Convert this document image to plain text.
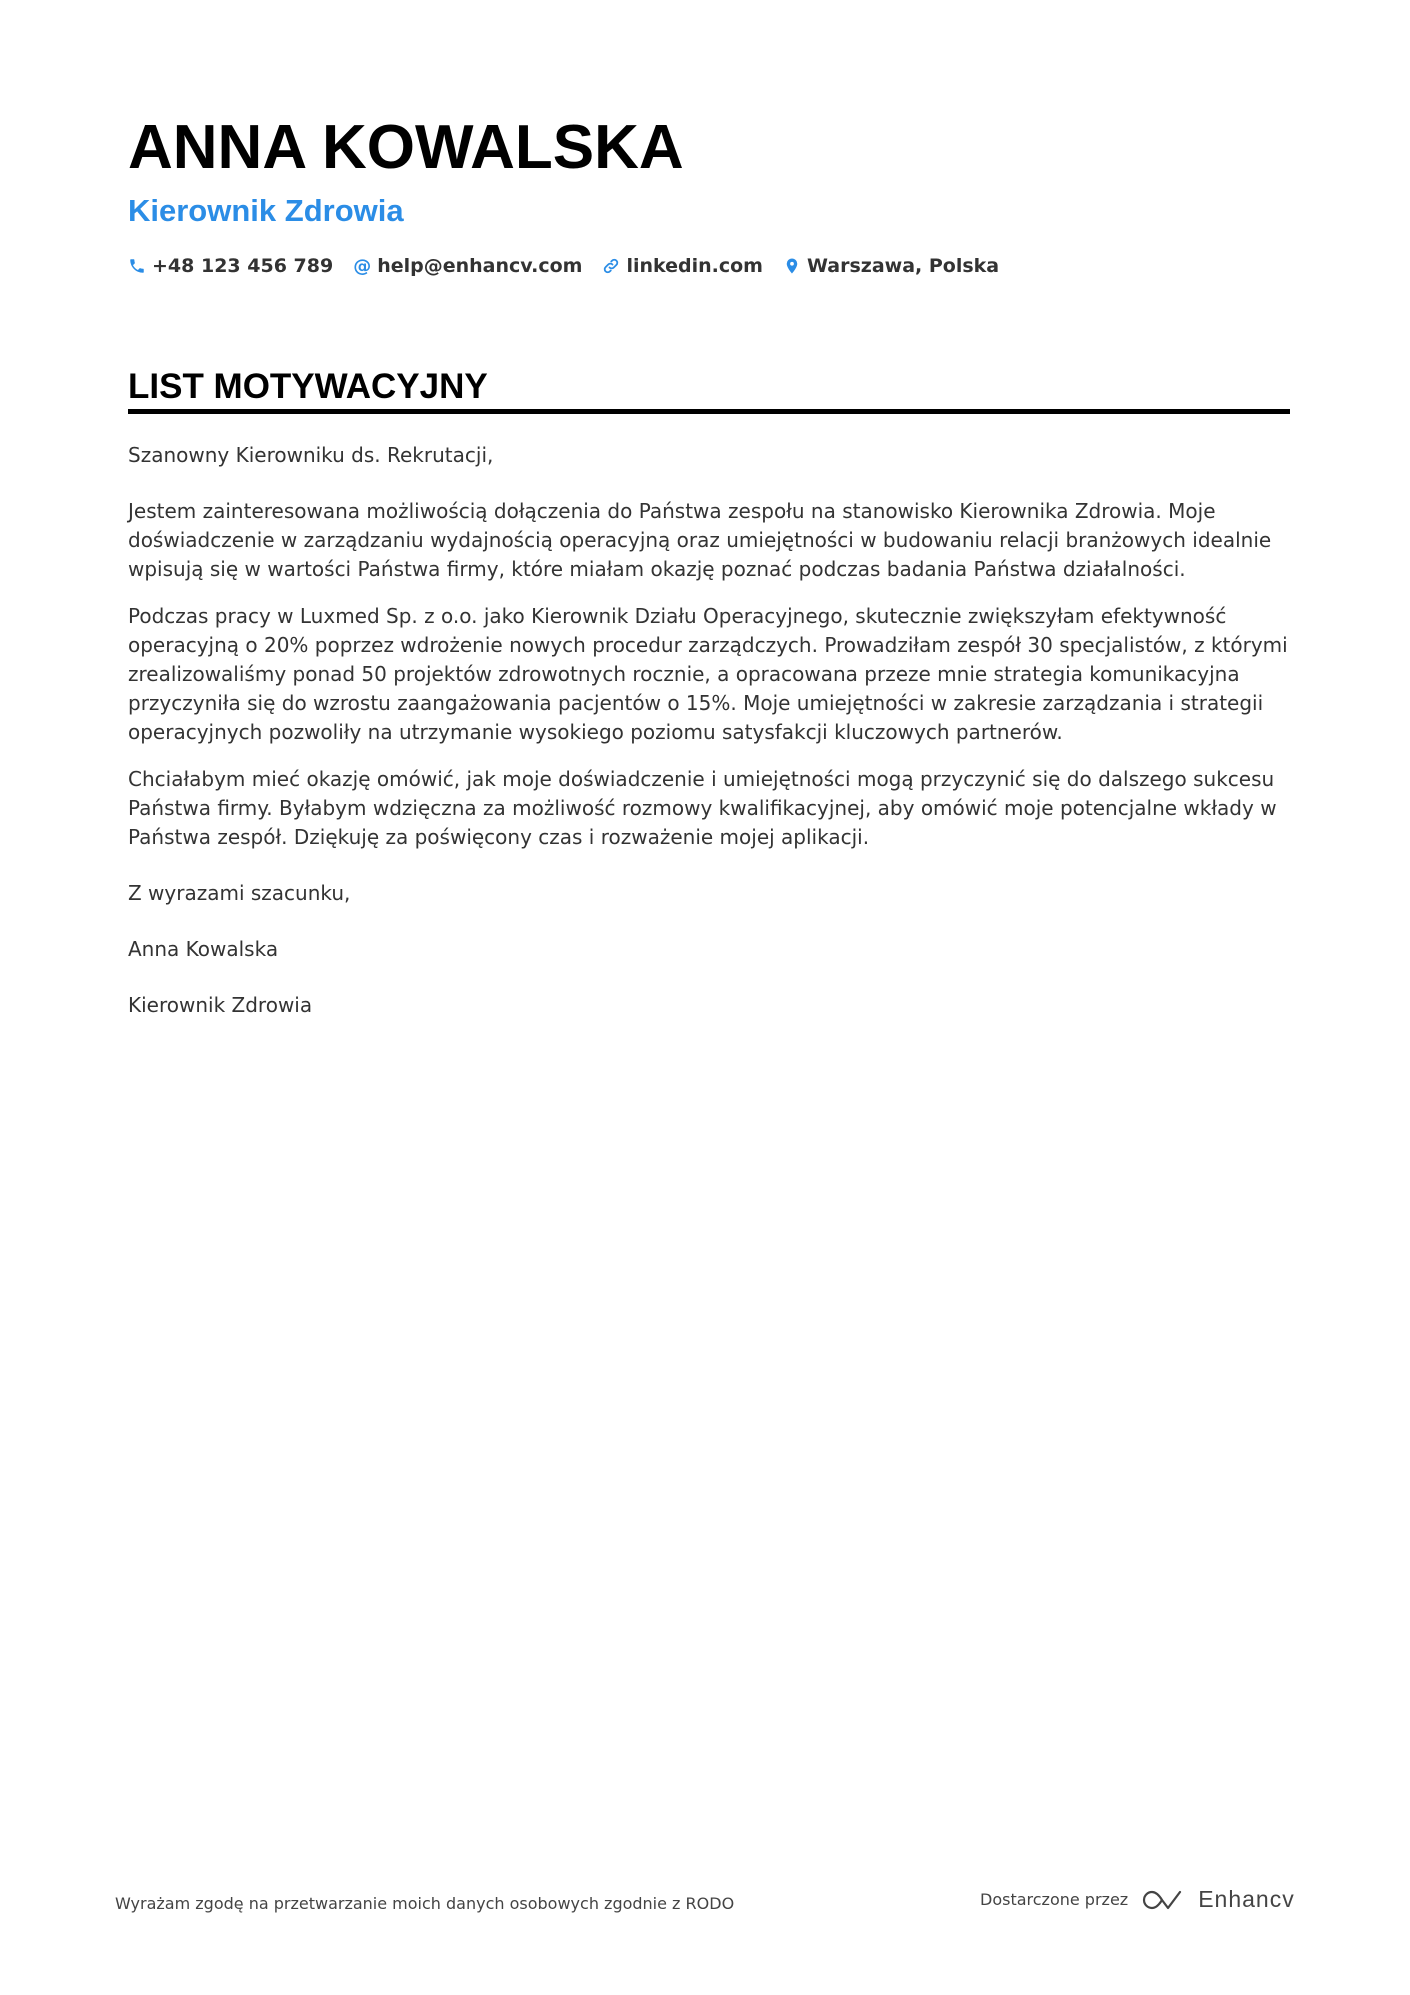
ANNA KOWALSKA
Kierownik Zdrowia
+48 123 456 789 @ help@enhancv.com linkedin.com Warszawa, Polska
LIST MOTYWACYJNY

Szanowny Kierowniku ds. Rekrutacji,

Jestem zainteresowana możliwością dołączenia do Państwa zespołu na stanowisko Kierownika Zdrowia. Moje doświadczenie w zarządzaniu wydajnością operacyjną oraz umiejętności w budowaniu relacji branżowych idealnie wpisują się w wartości Państwa firmy, które miałam okazję poznać podczas badania Państwa działalności.

Podczas pracy w Luxmed Sp. z o.o. jako Kierownik Działu Operacyjnego, skutecznie zwiększyłam efektywność operacyjną o 20% poprzez wdrożenie nowych procedur zarządczych. Prowadziłam zespół 30 specjalistów, z którymi zrealizowaliśmy ponad 50 projektów zdrowotnych rocznie, a opracowana przeze mnie strategia komunikacyjna przyczyniła się do wzrostu zaangażowania pacjentów o 15%. Moje umiejętności w zakresie zarządzania i strategii operacyjnych pozwoliły na utrzymanie wysokiego poziomu satysfakcji kluczowych partnerów.

Chciałabym mieć okazję omówić, jak moje doświadczenie i umiejętności mogą przyczynić się do dalszego sukcesu Państwa firmy. Byłabym wdzięczna za możliwość rozmowy kwalifikacyjnej, aby omówić moje potencjalne wkłady w Państwa zespół. Dziękuję za poświęcony czas i rozważenie mojej aplikacji.

Z wyrazami szacunku,

Anna Kowalska

Kierownik Zdrowia

Wyrażam zgodę na przetwarzanie moich danych osobowych zgodnie z RODO	Dostarczone przez	Enhancv
